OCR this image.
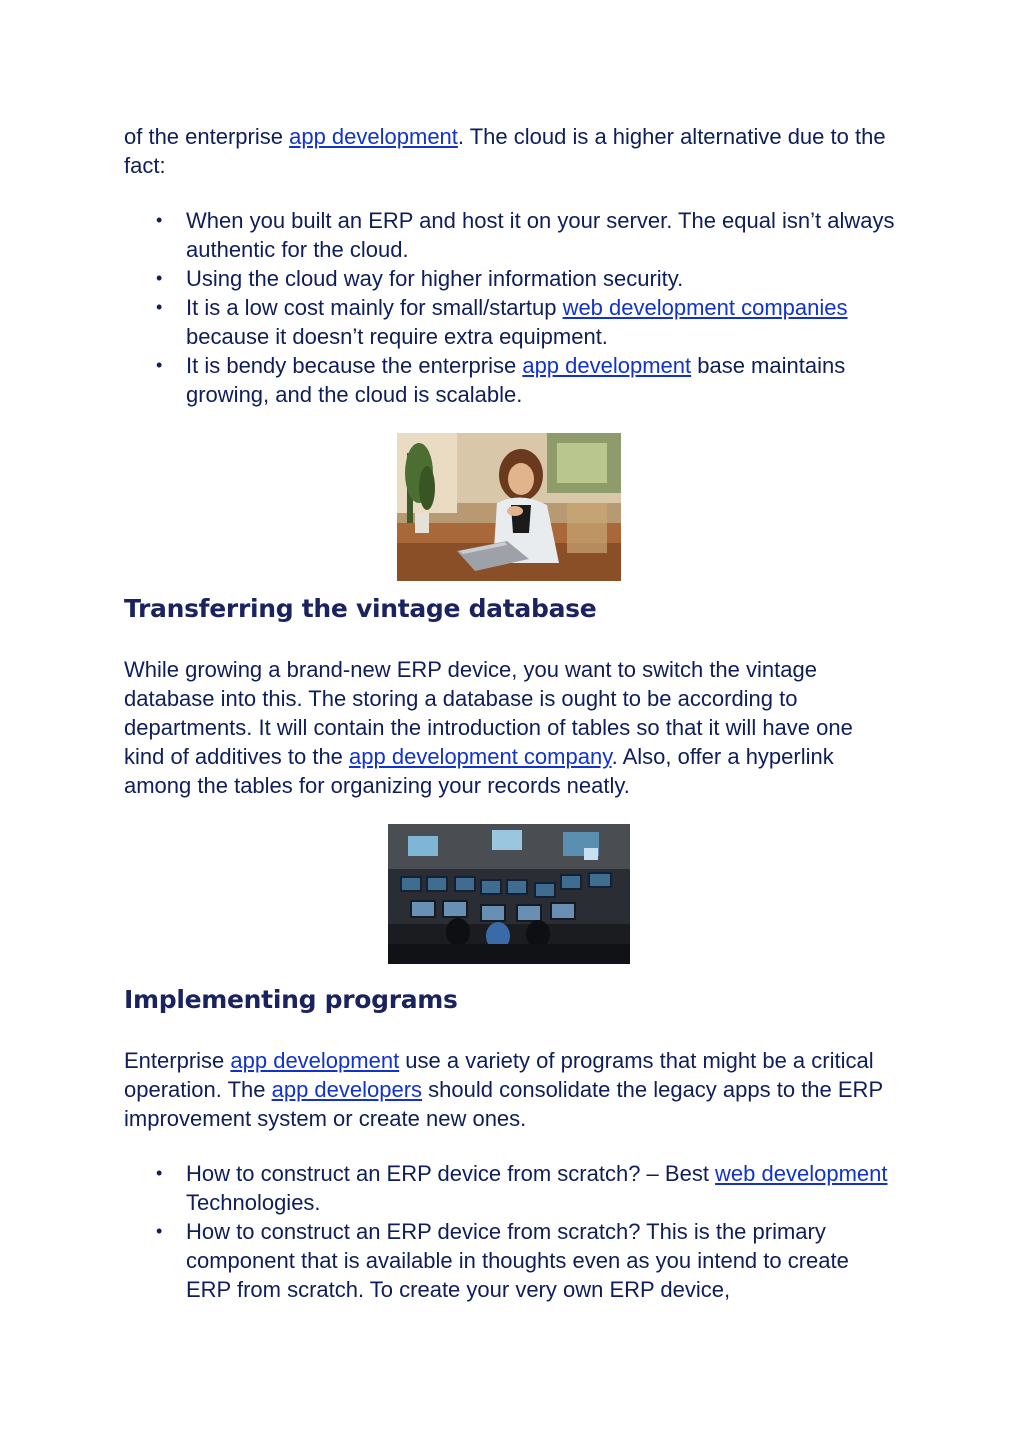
of the enterprise app development. The cloud is a higher alternative due to the fact:

• When you built an ERP and host it on your server. The equal isn’t always authentic for the cloud.
• Using the cloud way for higher information security.
• It is a low cost mainly for small/startup web development companies because it doesn’t require extra equipment.
• It is bendy because the enterprise app development base maintains growing, and the cloud is scalable.
Transferring the vintage database

While growing a brand-new ERP device, you want to switch the vintage database into this. The storing a database is ought to be according to departments. It will contain the introduction of tables so that it will have one kind of additives to the app development company. Also, offer a hyperlink among the tables for organizing your records neatly.

Implementing programs

Enterprise app development use a variety of programs that might be a critical operation. The app developers should consolidate the legacy apps to the ERP improvement system or create new ones.

• How to construct an ERP device from scratch? – Best web development Technologies.
• How to construct an ERP device from scratch? This is the primary component that is available in thoughts even as you intend to create ERP from scratch. To create your very own ERP device,
